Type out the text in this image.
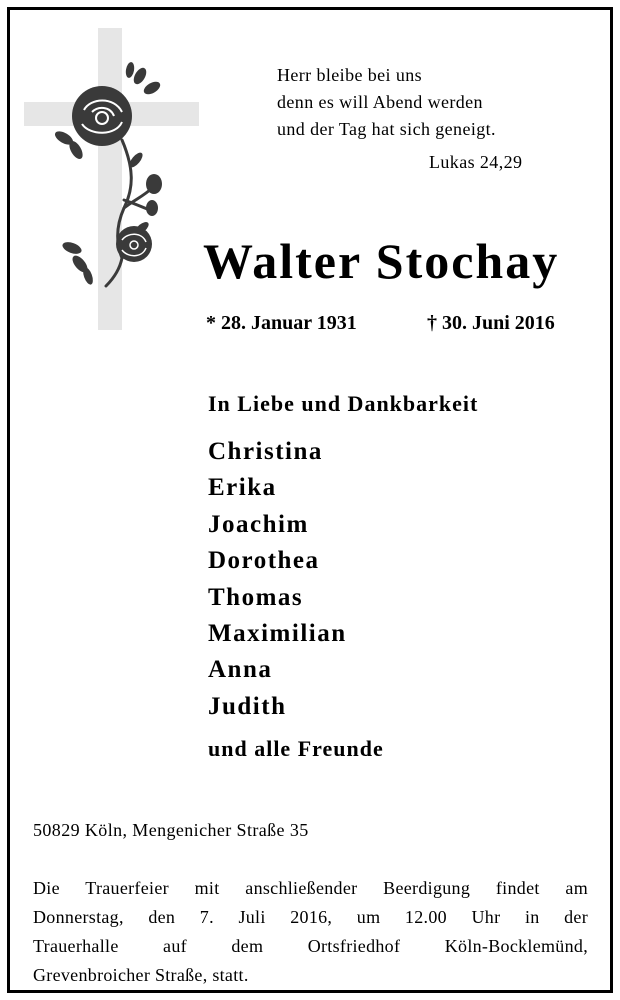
Herr bleibe bei uns
denn es will Abend werden
und der Tag hat sich geneigt.
Lukas 24,29
Walter Stochay
* 28. Januar 1931	† 30. Juni 2016
In Liebe und Dankbarkeit
Christina
Erika
Joachim
Dorothea
Thomas
Maximilian
Anna
Judith
und alle Freunde
50829 Köln, Mengenicher Straße 35
Die Trauerfeier mit anschließender Beerdigung findet am
Donnerstag, den 7. Juli 2016, um 12.00 Uhr in der
Trauerhalle auf dem Ortsfriedhof Köln-Bocklemünd,
Grevenbroicher Straße, statt.
